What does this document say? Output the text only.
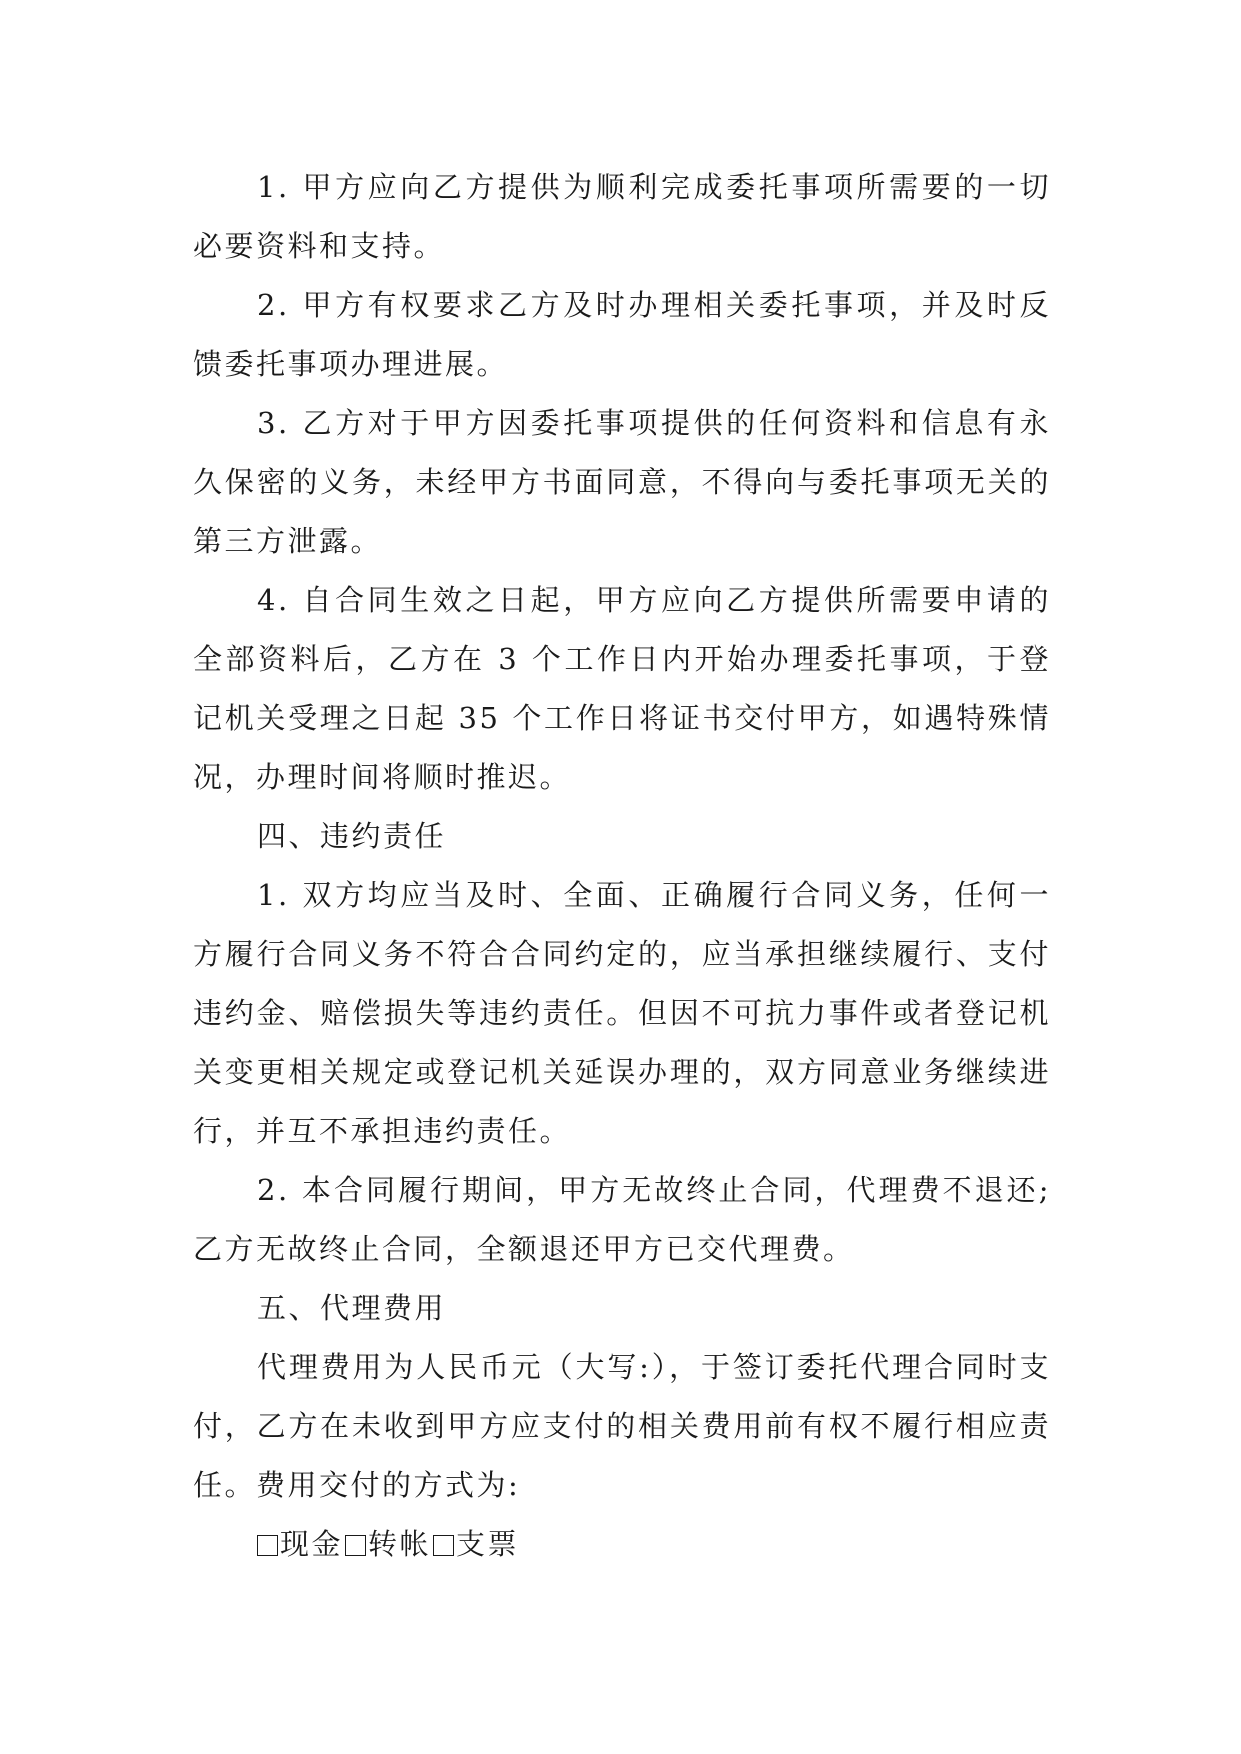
1. 甲方应向乙方提供为顺利完成委托事项所需要的一切必要资料和支持。

2. 甲方有权要求乙方及时办理相关委托事项，并及时反馈委托事项办理进展。

3. 乙方对于甲方因委托事项提供的任何资料和信息有永久保密的义务，未经甲方书面同意，不得向与委托事项无关的第三方泄露。

4. 自合同生效之日起，甲方应向乙方提供所需要申请的全部资料后，乙方在 3 个工作日内开始办理委托事项，于登记机关受理之日起 35 个工作日将证书交付甲方，如遇特殊情况，办理时间将顺时推迟。

四、违约责任

1. 双方均应当及时、全面、正确履行合同义务，任何一方履行合同义务不符合合同约定的，应当承担继续履行、支付违约金、赔偿损失等违约责任。但因不可抗力事件或者登记机关变更相关规定或登记机关延误办理的，双方同意业务继续进行，并互不承担违约责任。

2. 本合同履行期间，甲方无故终止合同，代理费不退还;乙方无故终止合同，全额退还甲方已交代理费。

五、代理费用

代理费用为人民币元（大写:），于签订委托代理合同时支付，乙方在未收到甲方应支付的相关费用前有权不履行相应责任。费用交付的方式为:

现金 转帐 支票
